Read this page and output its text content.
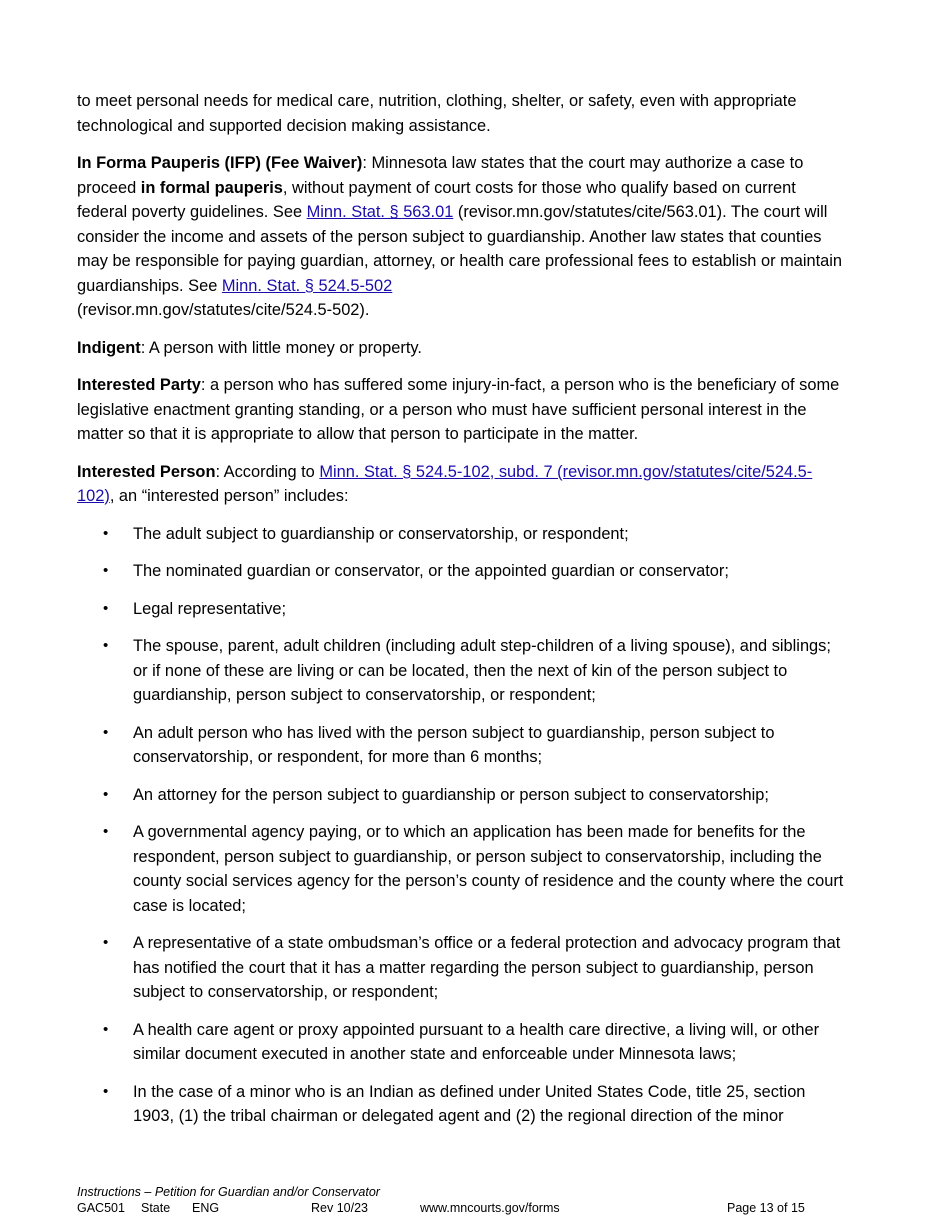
to meet personal needs for medical care, nutrition, clothing, shelter, or safety, even with appropriate technological and supported decision making assistance.

In Forma Pauperis (IFP) (Fee Waiver): Minnesota law states that the court may authorize a case to proceed in formal pauperis, without payment of court costs for those who qualify based on current federal poverty guidelines. See Minn. Stat. § 563.01 (revisor.mn.gov/statutes/cite/563.01). The court will consider the income and assets of the person subject to guardianship. Another law states that counties may be responsible for paying guardian, attorney, or health care professional fees to establish or maintain guardianships. See Minn. Stat. § 524.5-502
(revisor.mn.gov/statutes/cite/524.5-502).

Indigent: A person with little money or property.

Interested Party: a person who has suffered some injury-in-fact, a person who is the beneficiary of some legislative enactment granting standing, or a person who must have sufficient personal interest in the matter so that it is appropriate to allow that person to participate in the matter.

Interested Person: According to Minn. Stat. § 524.5-102, subd. 7 (revisor.mn.gov/statutes/cite/524.5-102), an “interested person” includes:

• The adult subject to guardianship or conservatorship, or respondent;
• The nominated guardian or conservator, or the appointed guardian or conservator;
• Legal representative;
• The spouse, parent, adult children (including adult step-children of a living spouse), and siblings; or if none of these are living or can be located, then the next of kin of the person subject to guardianship, person subject to conservatorship, or respondent;
• An adult person who has lived with the person subject to guardianship, person subject to conservatorship, or respondent, for more than 6 months;
• An attorney for the person subject to guardianship or person subject to conservatorship;
• A governmental agency paying, or to which an application has been made for benefits for the respondent, person subject to guardianship, or person subject to conservatorship, including the county social services agency for the person’s county of residence and the county where the court case is located;
• A representative of a state ombudsman’s office or a federal protection and advocacy program that has notified the court that it has a matter regarding the person subject to guardianship, person subject to conservatorship, or respondent;
• A health care agent or proxy appointed pursuant to a health care directive, a living will, or other similar document executed in another state and enforceable under Minnesota laws;
• In the case of a minor who is an Indian as defined under United States Code, title 25, section 1903, (1) the tribal chairman or delegated agent and (2) the regional direction of the minor
Instructions – Petition for Guardian and/or Conservator
GAC501 State ENG	Rev 10/23	www.mncourts.gov/forms	Page 13 of 15
